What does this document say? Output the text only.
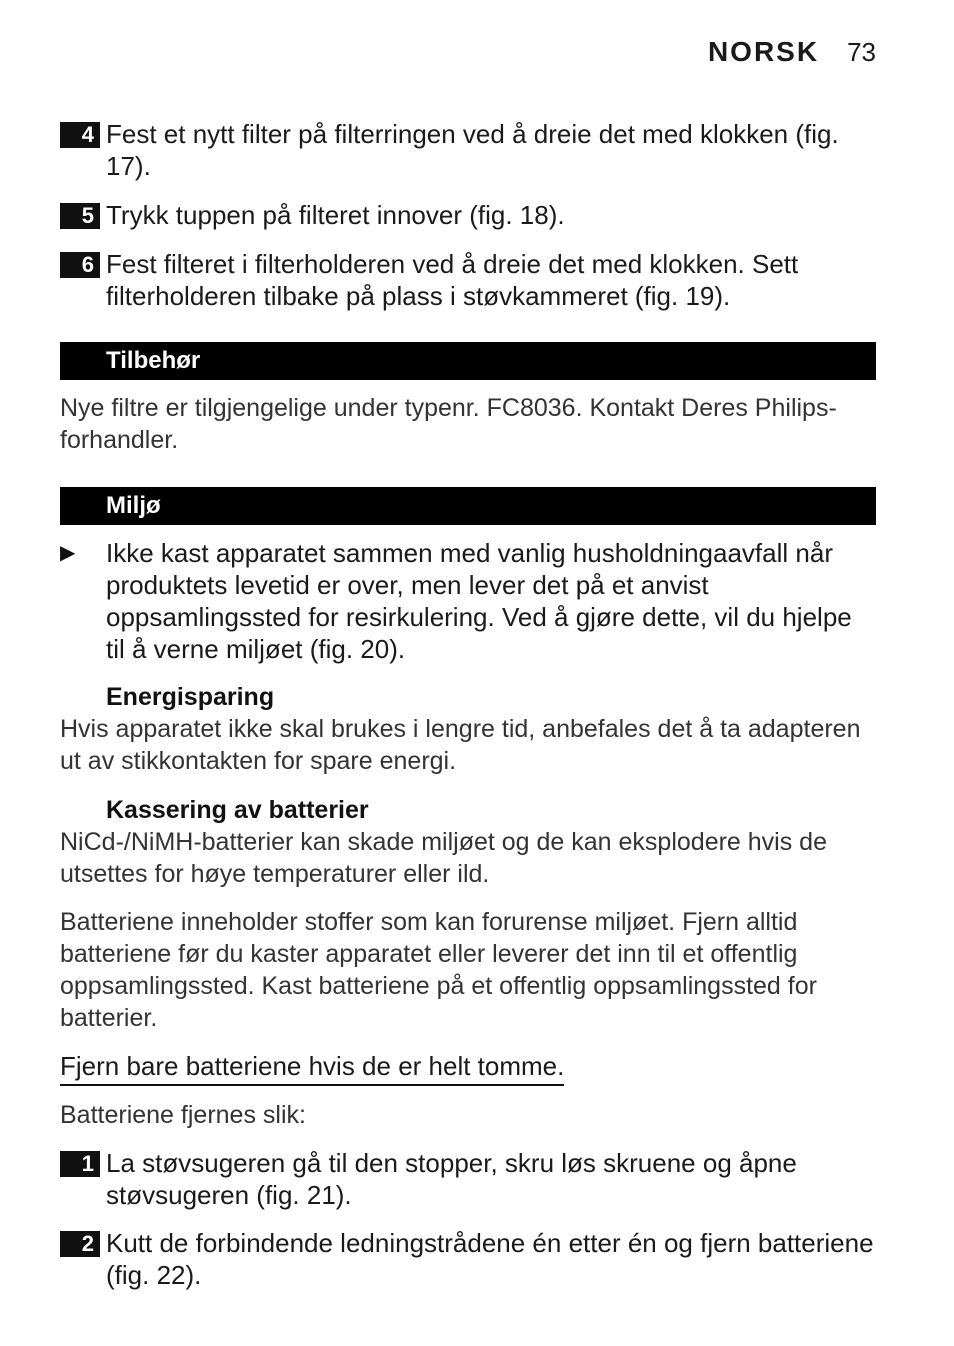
NORSK 73
4 Fest et nytt filter på filterringen ved å dreie det med klokken (fig. 17).
5 Trykk tuppen på filteret innover (fig. 18).
6 Fest filteret i filterholderen ved å dreie det med klokken. Sett filterholderen tilbake på plass i støvkammeret (fig. 19).
Tilbehør
Nye filtre er tilgjengelige under typenr. FC8036. Kontakt Deres Philips-forhandler.
Miljø
▶	Ikke kast apparatet sammen med vanlig husholdningaavfall når produktets levetid er over, men lever det på et anvist oppsamlingssted for resirkulering. Ved å gjøre dette, vil du hjelpe til å verne miljøet (fig. 20).
Energisparing
Hvis apparatet ikke skal brukes i lengre tid, anbefales det å ta adapteren ut av stikkontakten for spare energi.
Kassering av batterier
NiCd-/NiMH-batterier kan skade miljøet og de kan eksplodere hvis de utsettes for høye temperaturer eller ild.
Batteriene inneholder stoffer som kan forurense miljøet. Fjern alltid batteriene før du kaster apparatet eller leverer det inn til et offentlig oppsamlingssted. Kast batteriene på et offentlig oppsamlingssted for batterier.
Fjern bare batteriene hvis de er helt tomme.
Batteriene fjernes slik:
1 La støvsugeren gå til den stopper, skru løs skruene og åpne støvsugeren (fig. 21).
2 Kutt de forbindende ledningstrådene én etter én og fjern batteriene (fig. 22).
